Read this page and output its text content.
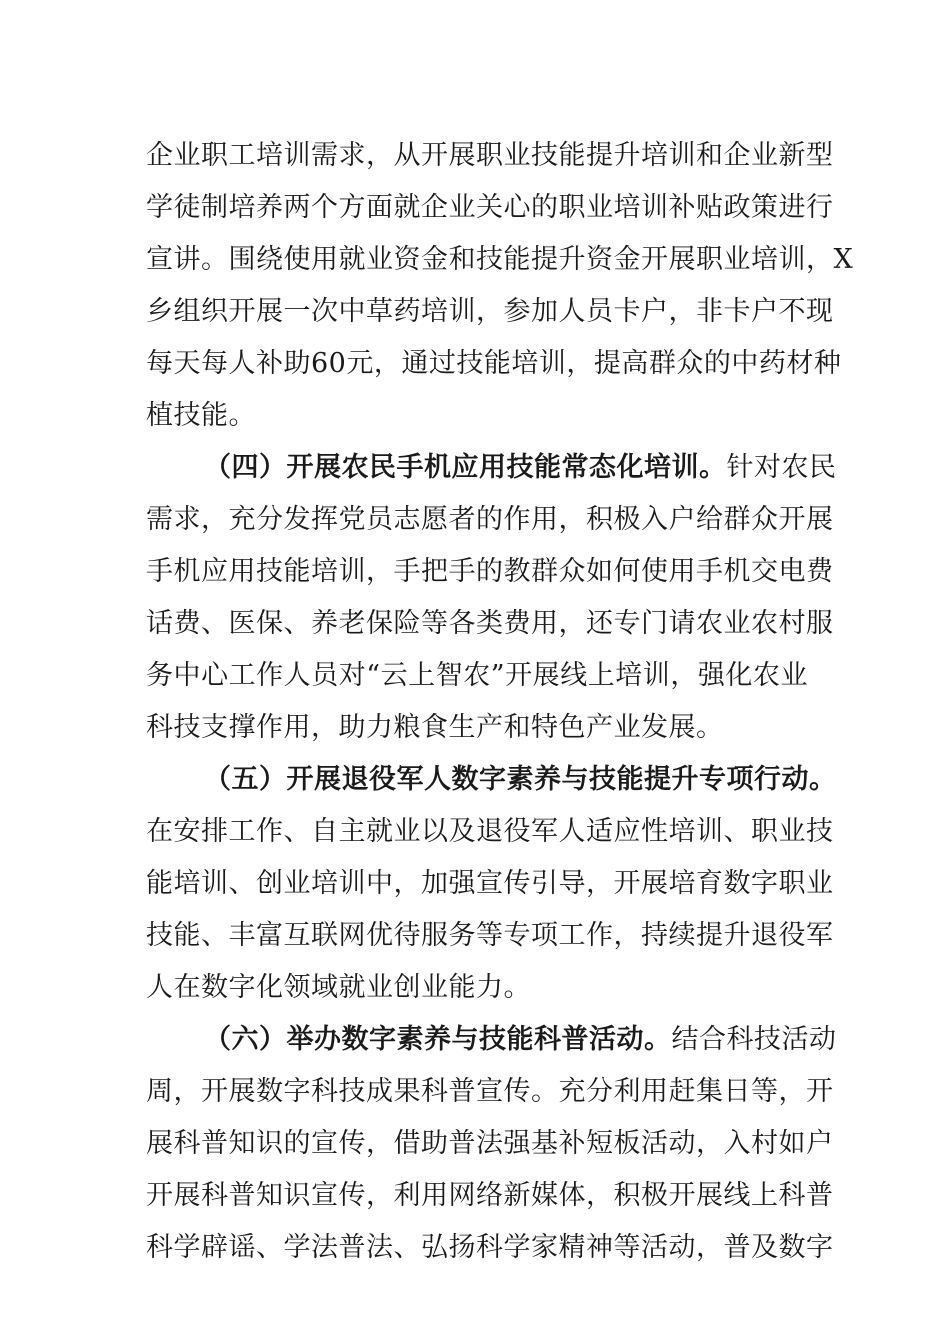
企业职工培训需求，从开展职业技能提升培训和企业新型
学徒制培养两个方面就企业关心的职业培训补贴政策进行
宣讲。围绕使用就业资金和技能提升资金开展职业培训，X
乡组织开展一次中草药培训，参加人员卡户，非卡户不现
每天每人补助60元，通过技能培训，提高群众的中药材种
植技能。
（四）开展农民手机应用技能常态化培训。针对农民
需求，充分发挥党员志愿者的作用，积极入户给群众开展
手机应用技能培训，手把手的教群众如何使用手机交电费
话费、医保、养老保险等各类费用，还专门请农业农村服
务中心工作人员对“云上智农”开展线上培训，强化农业
科技支撑作用，助力粮食生产和特色产业发展。
（五）开展退役军人数字素养与技能提升专项行动。
在安排工作、自主就业以及退役军人适应性培训、职业技
能培训、创业培训中，加强宣传引导，开展培育数字职业
技能、丰富互联网优待服务等专项工作，持续提升退役军
人在数字化领域就业创业能力。
（六）举办数字素养与技能科普活动。结合科技活动
周，开展数字科技成果科普宣传。充分利用赶集日等，开
展科普知识的宣传，借助普法强基补短板活动，入村如户
开展科普知识宣传，利用网络新媒体，积极开展线上科普
科学辟谣、学法普法、弘扬科学家精神等活动，普及数字
